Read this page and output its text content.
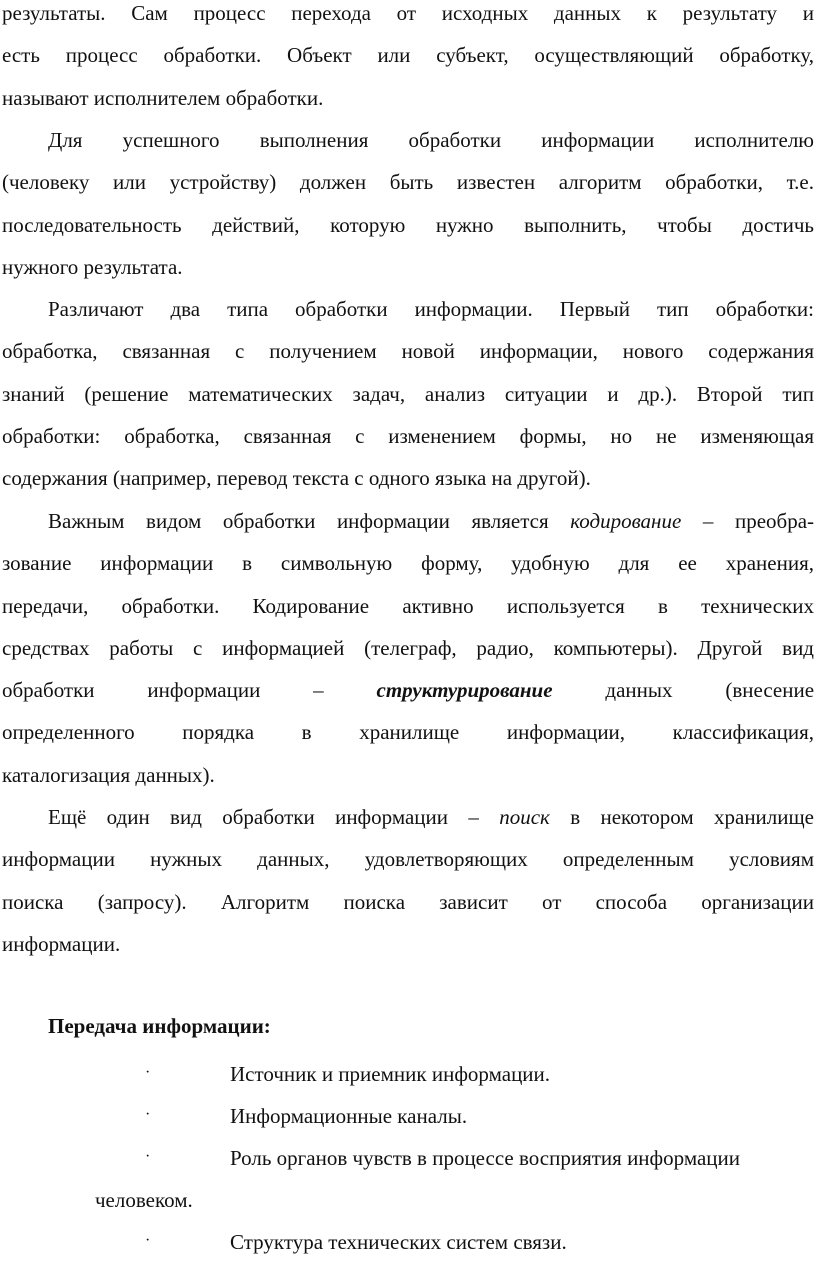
результаты. Сам процесс перехода от исходных данных к результату и
есть процесс обработки. Объект или субъект, осуществляющий обработку,
называют исполнителем обработки.
Для успешного выполнения обработки информации исполнителю
(человеку или устройству) должен быть известен алгоритм обработки, т.е.
последовательность действий, которую нужно выполнить, чтобы достичь
нужного результата.
Различают два типа обработки информации. Первый тип обработки:
обработка, связанная с получением новой информации, нового содержания
знаний (решение математических задач, анализ ситуации и др.). Второй тип
обработки: обработка, связанная с изменением формы, но не изменяющая
содержания (например, перевод текста с одного языка на другой).
Важным видом обработки информации является кодирование – преобра-
зование информации в символьную форму, удобную для ее хранения,
передачи, обработки. Кодирование активно используется в технических
средствах работы с информацией (телеграф, радио, компьютеры). Другой вид
обработки информации –	структурирование	данных (внесение
определенного порядка в хранилище информации, классификация,
каталогизация данных).
Ещё один вид обработки информации – поиск в некотором хранилище
информации нужных данных, удовлетворяющих определенным условиям
поиска (запросу). Алгоритм поиска зависит от способа организации
информации.
Передача информации:
·	Источник и приемник информации.
·	Информационные каналы.
·	Роль органов чувств в процессе восприятия информации
человеком.
·	Структура технических систем связи.
